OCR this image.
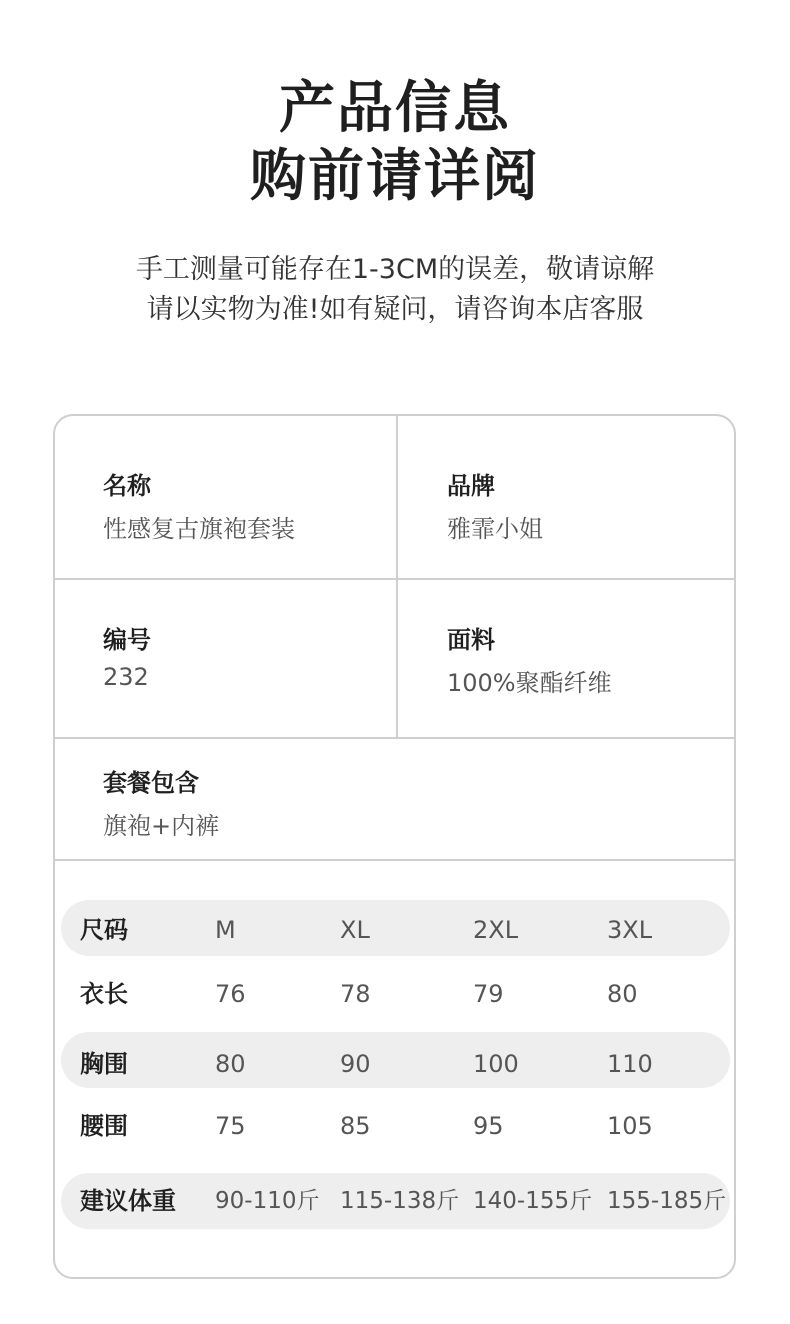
产品信息
购前请详阅
手工测量可能存在1-3CM的误差，敬请谅解
请以实物为准!如有疑问，请咨询本店客服
名称
性感复古旗袍套装
品牌
雅霏小姐
编号
232
面料
100%聚酯纤维
套餐包含
旗袍+内裤
尺码	M	XL	2XL	3XL
衣长	76	78	79	80
胸围	80	90	100	110
腰围	75	85	95	105
建议体重 90-110斤 115-138斤 140-155斤 155-185斤
